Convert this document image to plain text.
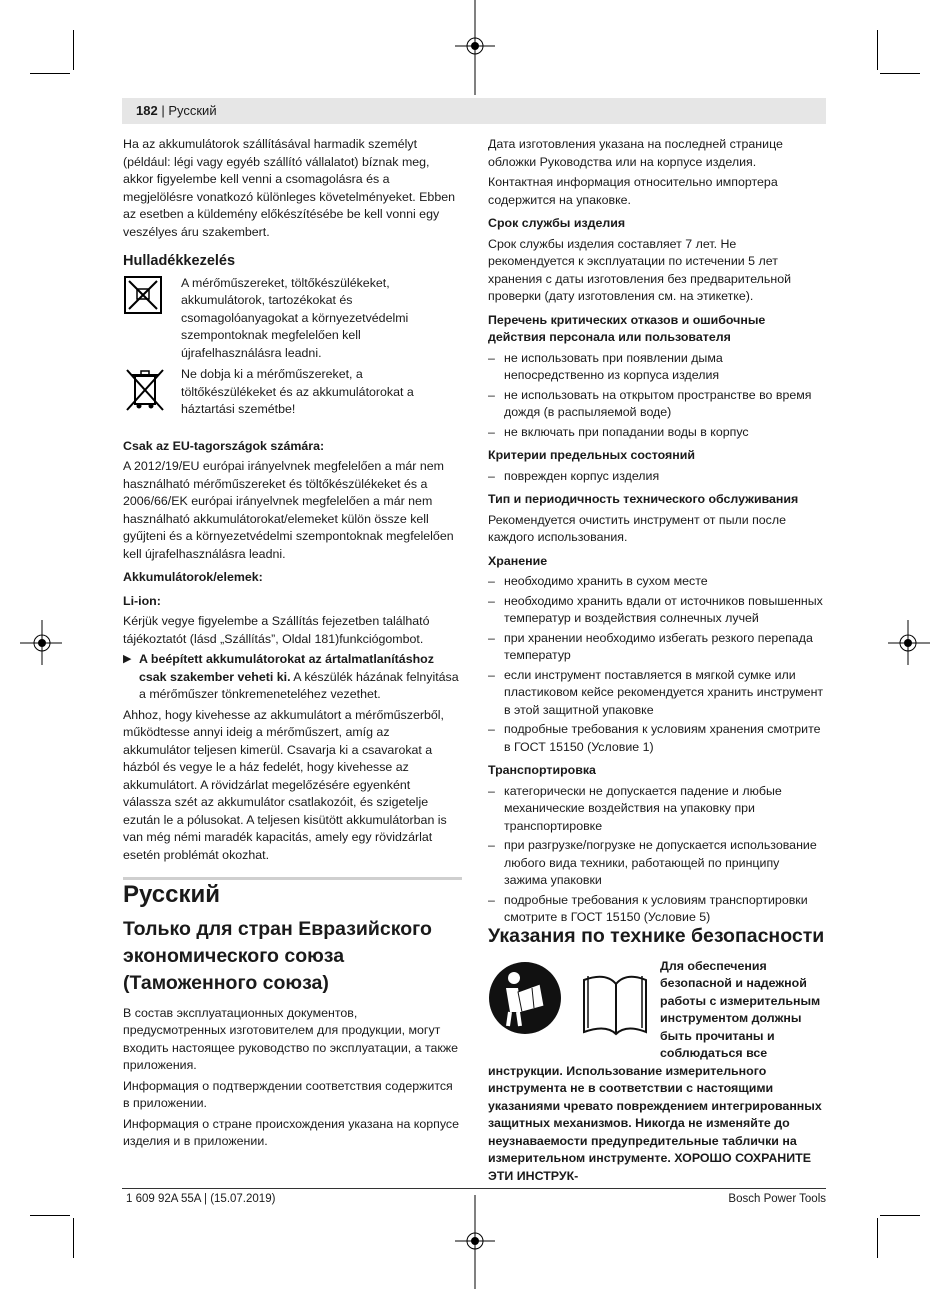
182 | Русский

Ha az akkumulátorok szállításával harmadik személyt (például: légi vagy egyéb szállító vállalatot) bíznak meg, akkor figyelembe kell venni a csomagolásra és a megjelölésre vonatkozó különleges követelményeket. Ebben az esetben a küldemény előkészítésébe be kell vonni egy veszélyes áru szakembert.

Hulladékkezelés
A mérőműszereket, töltőkészülékeket, akkumulátorok, tartozékokat és csomagolóanyagokat a környezetvédelmi szempontoknak megfelelően kell újrafelhasználásra leadni.
Ne dobja ki a mérőműszereket, a töltőkészülékeket és az akkumulátorokat a háztartási szemétbe!
Csak az EU-tagországok számára:

A 2012/19/EU európai irányelvnek megfelelően a már nem használható mérőműszereket és töltőkészülékeket és a 2006/66/EK európai irányelvnek megfelelően a már nem használható akkumulátorokat/elemeket külön össze kell gyűjteni és a környezetvédelmi szempontoknak megfelelően kell újrafelhasználásra leadni.

Akkumulátorok/elemek:
Li-ion:

Kérjük vegye figyelembe a Szállítás fejezetben található tájékoztatót (lásd „Szállítás”, Oldal 181)funkciógombot.

▶ A beépített akkumulátorokat az ártalmatlanításhoz csak szakember veheti ki. A készülék házának felnyitása a mérőműszer tönkremeneteléhez vezethet.

Ahhoz, hogy kivehesse az akkumulátort a mérőműszerből, működtesse annyi ideig a mérőműszert, amíg az akkumulátor teljesen kimerül. Csavarja ki a csavarokat a házból és vegye le a ház fedelét, hogy kivehesse az akkumulátort. A rövidzárlat megelőzésére egyenként válassza szét az akkumulátor csatlakozóit, és szigetelje ezután le a pólusokat. A teljesen kisütött akkumulátorban is van még némi maradék kapacitás, amely egy rövidzárlat esetén problémát okozhat.

Русский
Только для стран Евразийского экономического союза (Таможенного союза)

В состав эксплуатационных документов, предусмотренных изготовителем для продукции, могут входить настоящее руководство по эксплуатации, а также приложения.

Информация о подтверждении соответствия содержится в приложении.

Информация о стране происхождения указана на корпусе изделия и в приложении.

Дата изготовления указана на последней странице обложки Руководства или на корпусе изделия.

Контактная информация относительно импортера содержится на упаковке.

Срок службы изделия

Срок службы изделия составляет 7 лет. Не рекомендуется к эксплуатации по истечении 5 лет хранения с даты изготовления без предварительной проверки (дату изготовления см. на этикетке).

Перечень критических отказов и ошибочные действия персонала или пользователя
– не использовать при появлении дыма непосредственно из корпуса изделия
– не использовать на открытом пространстве во время дождя (в распыляемой воде)
– не включать при попадании воды в корпус
Критерии предельных состояний
– поврежден корпус изделия
Тип и периодичность технического обслуживания

Рекомендуется очистить инструмент от пыли после каждого использования.

Хранение
– необходимо хранить в сухом месте
– необходимо хранить вдали от источников повышенных температур и воздействия солнечных лучей
– при хранении необходимо избегать резкого перепада температур
– если инструмент поставляется в мягкой сумке или пластиковом кейсе рекомендуется хранить инструмент в этой защитной упаковке
– подробные требования к условиям хранения смотрите в ГОСТ 15150 (Условие 1)
Транспортировка
– категорически не допускается падение и любые механические воздействия на упаковку при транспортировке
– при разгрузке/погрузке не допускается использование любого вида техники, работающей по принципу зажима упаковки
– подробные требования к условиям транспортировки смотрите в ГОСТ 15150 (Условие 5)
Указания по технике безопасности
Для обеспечения безопасной и надежной работы с измерительным инструментом должны быть прочитаны и соблюдаться все
инструкции. Использование измерительного инструмента не в соответствии с настоящими указаниями чревато повреждением интегрированных защитных механизмов. Никогда не изменяйте до неузнаваемости предупредительные таблички на измерительном инструменте. ХОРОШО СОХРАНИТЕ ЭТИ ИНСТРУК-
1 609 92A 55A | (15.07.2019)	Bosch Power Tools
